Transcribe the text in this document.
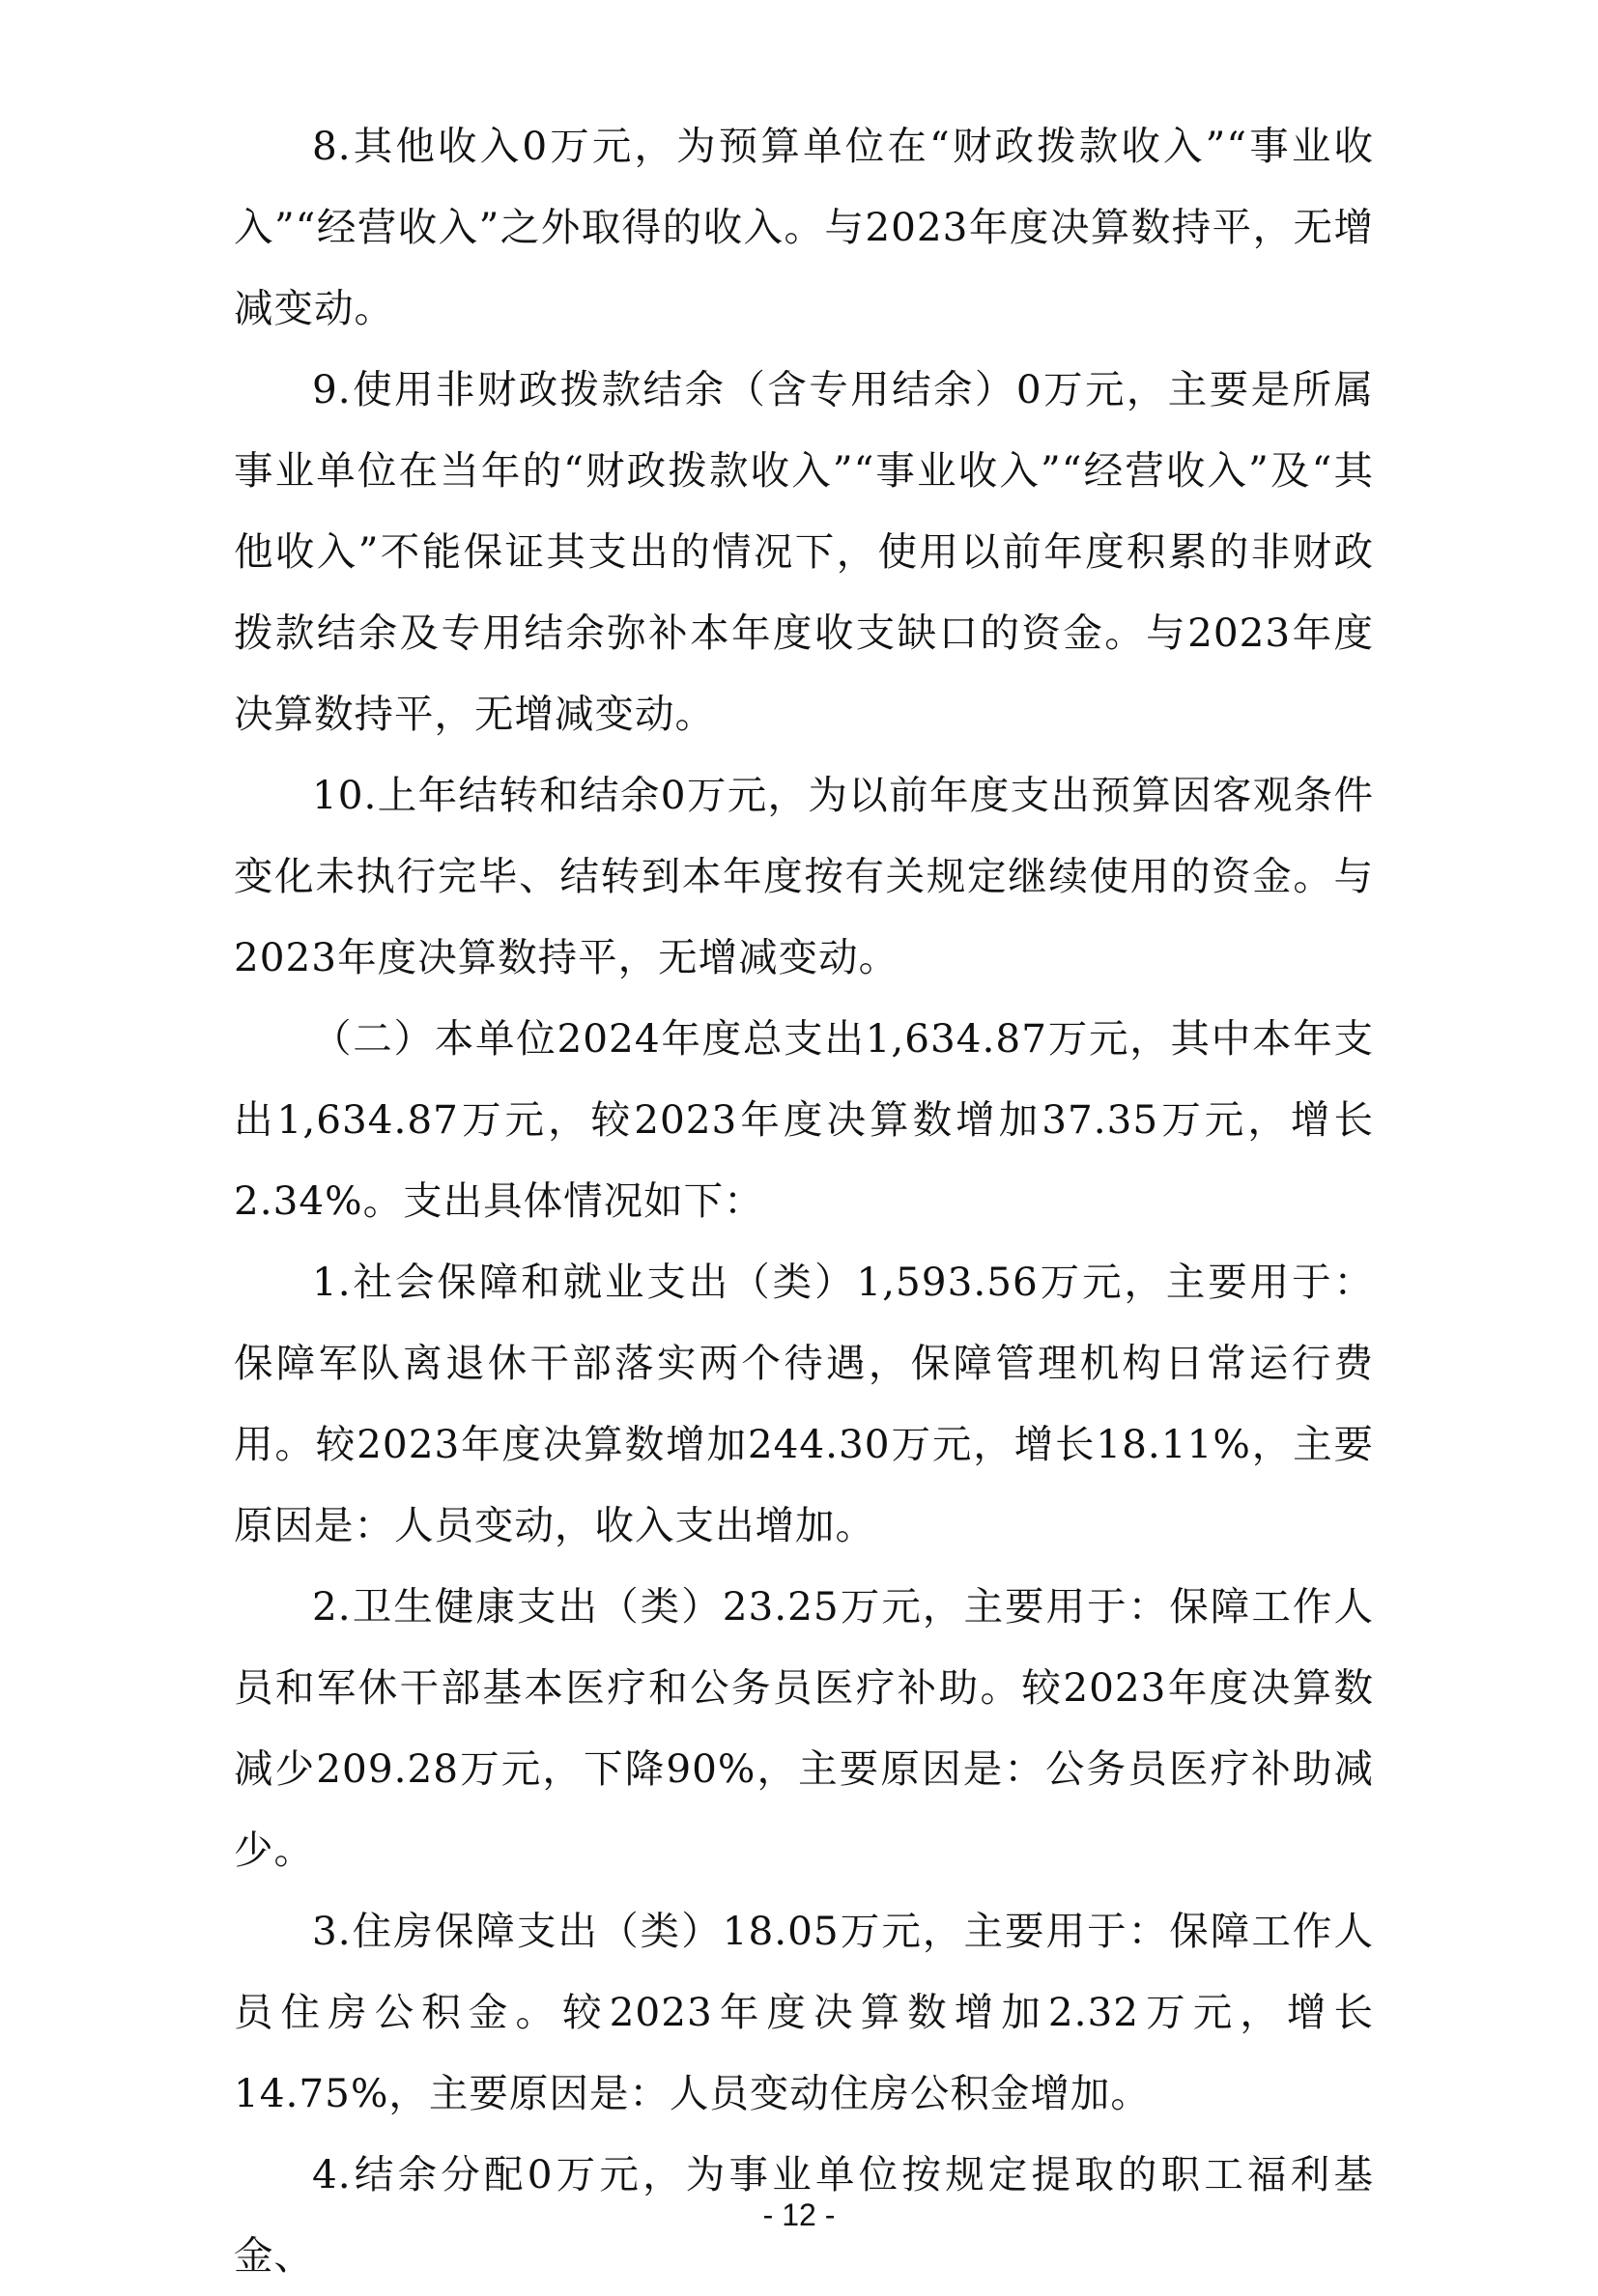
8.其他收入0万元，为预算单位在“财政拨款收入”“事业收入”“经营收入”之外取得的收入。与2023年度决算数持平，无增减变动。

9.使用非财政拨款结余（含专用结余）0万元，主要是所属事业单位在当年的“财政拨款收入”“事业收入”“经营收入”及“其他收入”不能保证其支出的情况下，使用以前年度积累的非财政拨款结余及专用结余弥补本年度收支缺口的资金。与2023年度决算数持平，无增减变动。

10.上年结转和结余0万元，为以前年度支出预算因客观条件变化未执行完毕、结转到本年度按有关规定继续使用的资金。与2023年度决算数持平，无增减变动。

（二）本单位2024年度总支出1,634.87万元，其中本年支出1,634.87万元，较2023年度决算数增加37.35万元，增长2.34%。支出具体情况如下：

1.社会保障和就业支出（类）1,593.56万元，主要用于：保障军队离退休干部落实两个待遇，保障管理机构日常运行费用。较2023年度决算数增加244.30万元，增长18.11%，主要原因是：人员变动，收入支出增加。

2.卫生健康支出（类）23.25万元，主要用于：保障工作人员和军休干部基本医疗和公务员医疗补助。较2023年度决算数减少209.28万元，下降90%，主要原因是：公务员医疗补助减少。

3.住房保障支出（类）18.05万元，主要用于：保障工作人员住房公积金。较2023年度决算数增加2.32万元，增长14.75%，主要原因是：人员变动住房公积金增加。

4.结余分配0万元，为事业单位按规定提取的职工福利基金、

- 12 -
